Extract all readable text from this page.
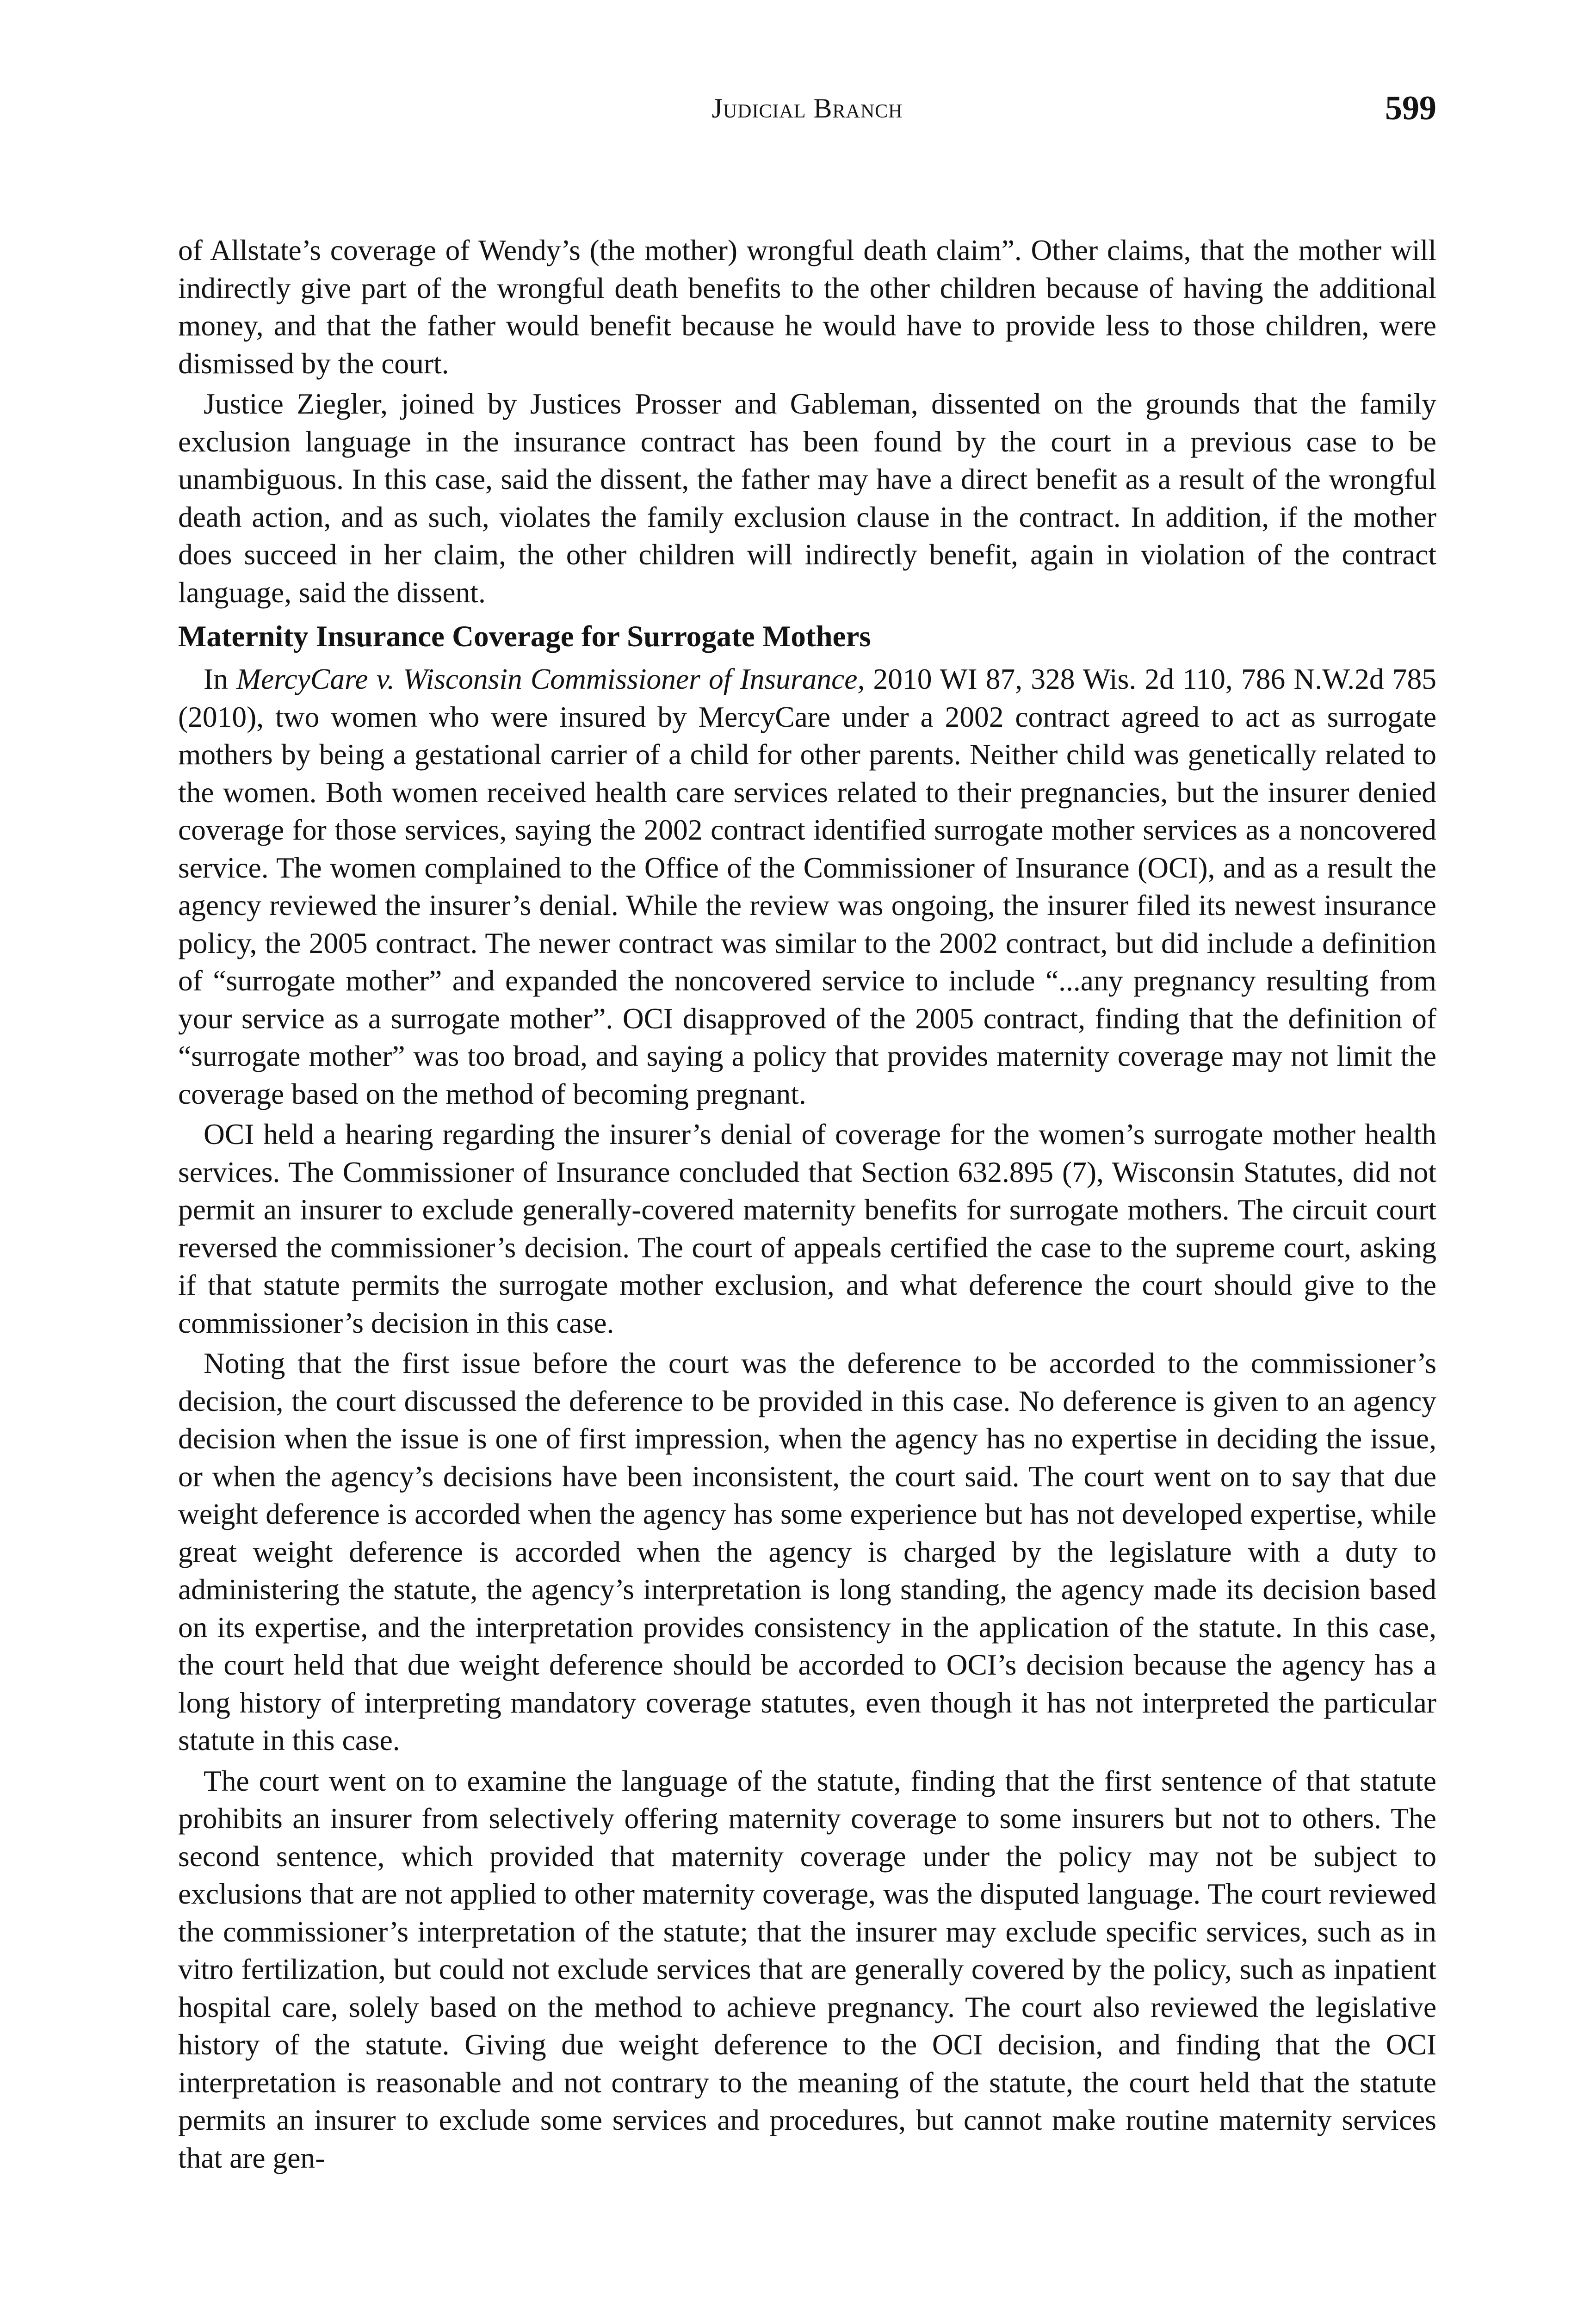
Judicial Branch	599

of Allstate’s coverage of Wendy’s (the mother) wrongful death claim”. Other claims, that the mother will indirectly give part of the wrongful death benefits to the other children because of having the additional money, and that the father would benefit because he would have to provide less to those children, were dismissed by the court.

Justice Ziegler, joined by Justices Prosser and Gableman, dissented on the grounds that the family exclusion language in the insurance contract has been found by the court in a previous case to be unambiguous. In this case, said the dissent, the father may have a direct benefit as a result of the wrongful death action, and as such, violates the family exclusion clause in the contract. In addition, if the mother does succeed in her claim, the other children will indirectly benefit, again in violation of the contract language, said the dissent.

Maternity Insurance Coverage for Surrogate Mothers

In MercyCare v. Wisconsin Commissioner of Insurance, 2010 WI 87, 328 Wis. 2d 110, 786 N.W.2d 785 (2010), two women who were insured by MercyCare under a 2002 contract agreed to act as surrogate mothers by being a gestational carrier of a child for other parents. Neither child was genetically related to the women. Both women received health care services related to their pregnancies, but the insurer denied coverage for those services, saying the 2002 contract identified surrogate mother services as a noncovered service. The women complained to the Office of the Commissioner of Insurance (OCI), and as a result the agency reviewed the insurer’s denial. While the review was ongoing, the insurer filed its newest insurance policy, the 2005 contract. The newer contract was similar to the 2002 contract, but did include a definition of “surrogate mother” and expanded the noncovered service to include “...any pregnancy resulting from your service as a surrogate mother”. OCI disapproved of the 2005 contract, finding that the definition of “surrogate mother” was too broad, and saying a policy that provides maternity coverage may not limit the coverage based on the method of becoming pregnant.

OCI held a hearing regarding the insurer’s denial of coverage for the women’s surrogate mother health services. The Commissioner of Insurance concluded that Section 632.895 (7), Wisconsin Statutes, did not permit an insurer to exclude generally-covered maternity benefits for surrogate mothers. The circuit court reversed the commissioner’s decision. The court of appeals certified the case to the supreme court, asking if that statute permits the surrogate mother exclusion, and what deference the court should give to the commissioner’s decision in this case.

Noting that the first issue before the court was the deference to be accorded to the commissioner’s decision, the court discussed the deference to be provided in this case. No deference is given to an agency decision when the issue is one of first impression, when the agency has no expertise in deciding the issue, or when the agency’s decisions have been inconsistent, the court said. The court went on to say that due weight deference is accorded when the agency has some experience but has not developed expertise, while great weight deference is accorded when the agency is charged by the legislature with a duty to administering the statute, the agency’s interpretation is long standing, the agency made its decision based on its expertise, and the interpretation provides consistency in the application of the statute. In this case, the court held that due weight deference should be accorded to OCI’s decision because the agency has a long history of interpreting mandatory coverage statutes, even though it has not interpreted the particular statute in this case.

The court went on to examine the language of the statute, finding that the first sentence of that statute prohibits an insurer from selectively offering maternity coverage to some insurers but not to others. The second sentence, which provided that maternity coverage under the policy may not be subject to exclusions that are not applied to other maternity coverage, was the disputed language. The court reviewed the commissioner’s interpretation of the statute; that the insurer may exclude specific services, such as in vitro fertilization, but could not exclude services that are generally covered by the policy, such as inpatient hospital care, solely based on the method to achieve pregnancy. The court also reviewed the legislative history of the statute. Giving due weight deference to the OCI decision, and finding that the OCI interpretation is reasonable and not contrary to the meaning of the statute, the court held that the statute permits an insurer to exclude some services and procedures, but cannot make routine maternity services that are gen-
